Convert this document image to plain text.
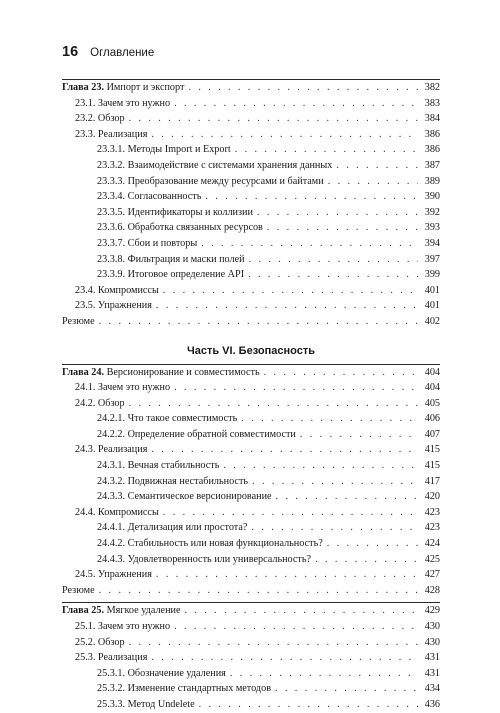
16 Оглавление
Глава 23. Импорт и экспорт . . .	382
23.1. Зачем это нужно . . .	383
23.2. Обзор . . .	384
23.3. Реализация . . .	386
23.3.1. Методы Import и Export . . .	386
23.3.2. Взаимодействие с системами хранения данных . . .	387
23.3.3. Преобразование между ресурсами и байтами . . .	389
23.3.4. Согласованность . . .	390
23.3.5. Идентификаторы и коллизии . . .	392
23.3.6. Обработка связанных ресурсов . . .	393
23.3.7. Сбои и повторы . . .	394
23.3.8. Фильтрация и маски полей . . .	397
23.3.9. Итоговое определение API . . .	399
23.4. Компромиссы . . .	401
23.5. Упражнения . . .	401
Резюме . . .	402
Часть VI. Безопасность
Глава 24. Версионирование и совместимость . . .	404
24.1. Зачем это нужно . . .	404
24.2. Обзор . . .	405
24.2.1. Что такое совместимость . . .	406
24.2.2. Определение обратной совместимости . . .	407
24.3. Реализация . . .	415
24.3.1. Вечная стабильность . . .	415
24.3.2. Подвижная нестабильность . . .	417
24.3.3. Семантическое версионирование . . .	420
24.4. Компромиссы . . .	423
24.4.1. Детализация или простота? . . .	423
24.4.2. Стабильность или новая функциональность? . . .	424
24.4.3. Удовлетворенность или универсальность? . . .	425
24.5. Упражнения . . .	427
Резюме . . .	428
Глава 25. Мягкое удаление . . .	429
25.1. Зачем это нужно . . .	430
25.2. Обзор . . .	430
25.3. Реализация . . .	431
25.3.1. Обозначение удаления . . .	431
25.3.2. Изменение стандартных методов . . .	434
25.3.3. Метод Undelete . . .	436
